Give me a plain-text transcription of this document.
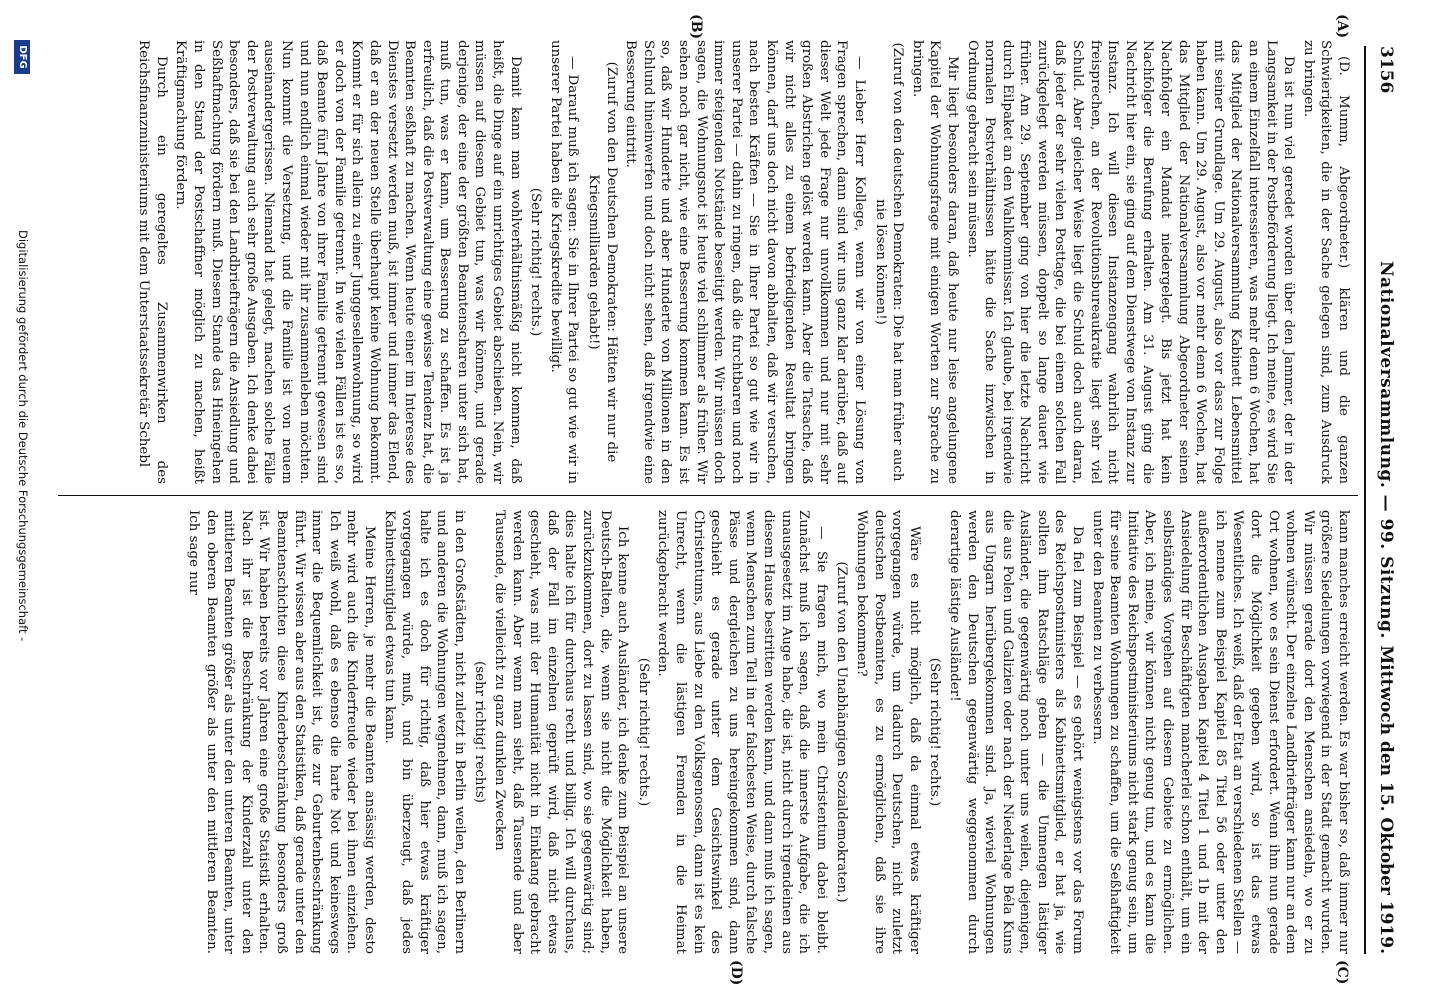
3156
Nationalversammlung. — 99. Sitzung.
Mittwoch den 15. Oktober 1919.
(A)
(B)
(C)
(D)

(D. Mumm, Abgeordneter.) klären und die ganzen Schwierigkeiten, die in der Sache gelegen sind, zum Ausdruck zu bringen.

Da ist nun viel geredet worden über den Jammer, der in der Langsamkeit in der Postbeförderung liegt. Ich meine, es wird Sie an einem Einzelfall interessieren, was mehr denn 6 Wochen, hat das Mitglied der Nationalversammlung Kabinett Lebensmittel mit seiner Grundlage. Um 29. August, also vor dass zur Folge haben kann. Um 29. August, also vor mehr denn 6 Wochen, hat das Mitglied der Nationalversammlung Abgeordneter seinen Nachfolger ein Mandat niedergelegt. Bis jetzt hat kein Nachfolger die Berufung erhalten. Am 31. August ging die Nachricht hier ein, sie ging auf dem Dienstwege von Instanz zur Instanz. Ich will diesen Instanzengang wahrlich nicht freisprechen, an der Revolutionsbureaukratie liegt sehr viel Schuld. Aber gleicher Weise liegt die Schuld doch auch daran, daß jeder der sehr vielen Posttage, die bei einem solchen Fall zurückgelegt werden müssen, doppelt so lange dauert wie früher. Am 29. September ging von hier die letzte Nachricht durch Eilpaket an den Wahlkommissar. Ich glaube, bei irgendwie normalen Postverhältnissen hätte die Sache inzwischen in Ordnung gebracht sein müssen.

Mir liegt besonders daran, daß heute nur leise angelungene Kapitel der Wohnungsfrage mit einigen Worten zur Sprache zu bringen.

(Zuruf von den deutschen Demokraten: Die hat man früher auch nie lösen können!)

— Lieber Herr Kollege, wenn wir von einer Lösung von Fragen sprechen, dann sind wir uns ganz klar darüber, daß auf dieser Welt jede Frage nur unvollkommen und nur mit sehr großen Abstrichen gelöst werden kann. Aber die Tatsache, daß wir nicht alles zu einem befriedigenden Resultat bringen können, darf uns doch nicht davon abhalten, daß wir versuchen, nach besten Kräften — Sie in Ihrer Partei so gut wie wir in unserer Partei — dahin zu ringen, daß die furchtbaren und noch immer steigenden Notstände beseitigt werden. Wir müssen doch sagen, die Wohnungsnot ist heute viel schlimmer als früher. Wir sehen noch gar nicht, wie eine Besserung kommen kann. Es ist so, daß wir Hunderte und aber Hunderte von Millionen in den Schlund hineinwerfen und doch nicht sehen, daß irgendwie eine Besserung eintritt.

(Zuruf von den Deutschen Demokraten: Hätten wir nur die Kriegsmilliarden gehabt!)

— Darauf muß ich sagen: Sie in Ihrer Partei so gut wie wir in unserer Partei haben die Kriegskredite bewilligt.

(Sehr richtig! rechts.)

Damit kann man wohlverhältnismäßig nicht kommen, daß heißt, die Dinge auf ein unrichtiges Gebiet abschieben. Nein, wir müssen auf diesem Gebiet tun, was wir können, und gerade derjenige, der eine der größten Beamtenscharen unter sich hat, muß tun, was er kann, um Besserung zu schaffen. Es ist ja erfreulich, daß die Postverwaltung eine gewisse Tendenz hat, die Beamten seßhaft zu machen. Wenn heute einer im Interesse des Dienstes versetzt werden muß, ist immer und immer das Elend, daß er an der neuen Stelle überhaupt keine Wohnung bekommt. Kommt er für sich allein zu einer Junggesellenwohnung, so wird er doch von der Familie getrennt. In wie vielen Fällen ist es so, daß Beamte fünf Jahre von ihrer Familie getrennt gewesen sind und nun endlich einmal wieder mit ihr zusammenleben möchten. Nun kommt die Versetzung, und die Familie ist von neuem auseinandergerissen. Niemand hat gelegt, machen solche Fälle der Postverwaltung auch sehr große Ausgaben. Ich denke dabei besonders, daß sie bei den Landbriefträgern die Ansiedlung und Seßhaftmachung fördern muß. Diesem Stande das Hineingehen in den Stand der Postschaffner möglich zu machen, heißt Kräftigmachung fördern.

Durch ein geregeltes Zusammenwirken des Reichsfinanzministeriums mit dem Unterstaatssekretär Schebl

kann manches erreicht werden. Es war bisher so, daß immer nur größere Siedelungen vorwiegend in der Stadt gemacht wurden. Wir müssen gerade dort den Menschen ansiedeln, wo er zu wohnen wünscht. Der einzelne Landbriefträger kann nur an dem Ort wohnen, wo es sein Dienst erfordert. Wenn ihm nun gerade dort die Möglichkeit gegeben wird, so ist das etwas Wesentliches. Ich weiß, daß der Etat an verschiedenen Stellen — ich nenne zum Beispiel Kapitel 85 Titel 56 oder unter den außerordentlichen Ausgaben Kapitel 4 Titel 1 und 1b mit der Ansiedelung für Beschäftigten mancherlei schon enthält, um ein selbständiges Vorgehen auf diesem Gebiete zu ermöglichen. Aber, ich meine, wir können nicht genug tun, und es kann die Initiative des Reichspostministeriums nicht stark genug sein, um für seine Beamten Wohnungen zu schaffen, um die Seßhaftigkeit unter den Beamten zu verbessern.

Da fiel zum Beispiel — es gehört wenigstens vor das Forum des Reichspostministers als Kabinettsmitglied, er hat ja, wie sollten ihm Ratschläge geben — die Unmengen lästiger Ausländer, die gegenwärtig noch unter uns weilen, diejenigen, die aus Polen und Galizien oder nach der Niederlage Béla Kuns aus Ungarn herübergekommen sind. Ja, wieviel Wohnungen werden den Deutschen gegenwärtig weggenommen durch derartige lästige Ausländer!

(Sehr richtig! rechts.)

Wäre es nicht möglich, daß da einmal etwas kräftiger vorgegangen würde, um dadurch Deutschen, nicht zuletzt deutschen Postbeamten, es zu ermöglichen, daß sie ihre Wohnungen bekommen?

(Zuruf von den Unabhängigen Sozialdemokraten.)

— Sie fragen mich, wo mein Christentum dabei bleibt. Zunächst muß ich sagen, daß die innerste Aufgabe, die ich unausgesetzt im Auge habe, die ist, nicht durch irgendeinen aus diesem Hause bestritten werden kann, und dann muß ich sagen, wenn Menschen zum Teil in der falschesten Weise, durch falsche Pässe und dergleichen zu uns hereingekommen sind, dann geschieht es gerade unter dem Gesichtswinkel des Christentums, aus Liebe zu den Volksgenossen, dann ist es kein Unrecht, wenn die lästigen Fremden in die Heimat zurückgebracht werden.

(Sehr richtig! rechts.)

Ich kenne auch Ausländer, ich denke zum Beispiel an unsere Deutsch-Balten, die, wenn sie nicht die Möglichkeit haben, zurückzukommen, dort zu lassen sind, wo sie gegenwärtig sind; dies halte ich für durchaus recht und billig. Ich will durchaus, daß der Fall im einzelnen geprüft wird, daß nicht etwas geschieht, was mit der Humanität nicht in Einklang gebracht werden kann. Aber wenn man sieht, daß Tausende und aber Tausende, die vielleicht zu ganz dunklen Zwecken

(sehr richtig! rechts)

in den Großstädten, nicht zuletzt in Berlin weilen, den Berlinern und anderen die Wohnungen wegnehmen, dann, muß ich sagen, halte ich es doch für richtig, daß hier etwas kräftiger vorgegangen würde, muß, und bin überzeugt, daß jedes Kabinettsmitglied etwas tun kann.

Meine Herren, je mehr die Beamten ansässig werden, desto mehr wird auch die Kinderfreude wieder bei ihnen einziehen. Ich weiß wohl, daß es ebenso die harte Not und keineswegs immer die Bequemlichkeit ist, die zur Geburtenbeschränkung führt. Wir wissen aber aus den Statistiken, daß gerade unter den Beamtenschichten diese Kinderbeschränkung besonders groß ist. Wir haben bereits vor Jahren eine große Statistik erhalten. Nach ihr ist die Beschränkung der Kinderzahl unter den mittleren Beamten größer als unter den unteren Beamten, unter den oberen Beamten größer als unter den mittleren Beamten. Ich sage nur

DFG
Digitalisierung gefördert durch die Deutsche Forschungsgemeinschaft -
